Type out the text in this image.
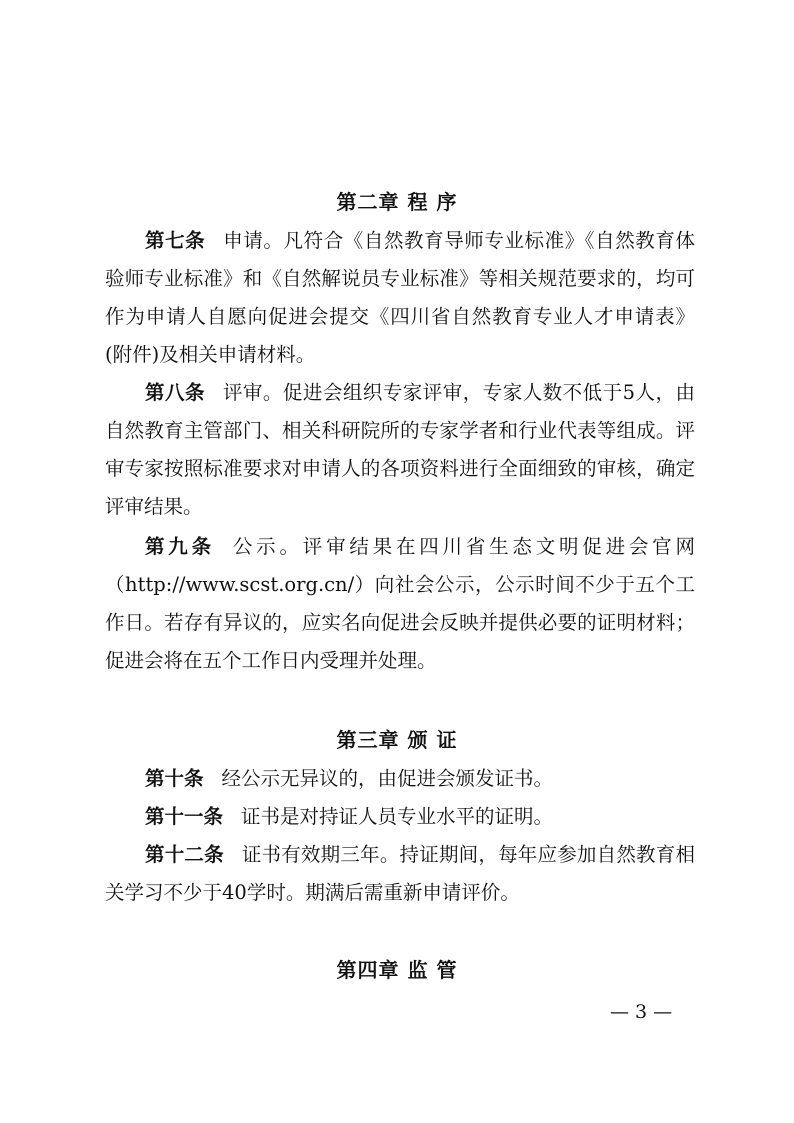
第二章 程 序

第七条 申请。凡符合《自然教育导师专业标准》《自然教育体验师专业标准》和《自然解说员专业标准》等相关规范要求的，均可作为申请人自愿向促进会提交《四川省自然教育专业人才申请表》(附件)及相关申请材料。

第八条 评审。促进会组织专家评审，专家人数不低于5人，由自然教育主管部门、相关科研院所的专家学者和行业代表等组成。评审专家按照标准要求对申请人的各项资料进行全面细致的审核，确定评审结果。

第九条 公示。评审结果在四川省生态文明促进会官网（http://www.scst.org.cn/）向社会公示，公示时间不少于五个工作日。若存有异议的，应实名向促进会反映并提供必要的证明材料；促进会将在五个工作日内受理并处理。

第三章 颁 证

第十条 经公示无异议的，由促进会颁发证书。

第十一条 证书是对持证人员专业水平的证明。

第十二条 证书有效期三年。持证期间，每年应参加自然教育相关学习不少于40学时。期满后需重新申请评价。

第四章 监 管
— 3 —
